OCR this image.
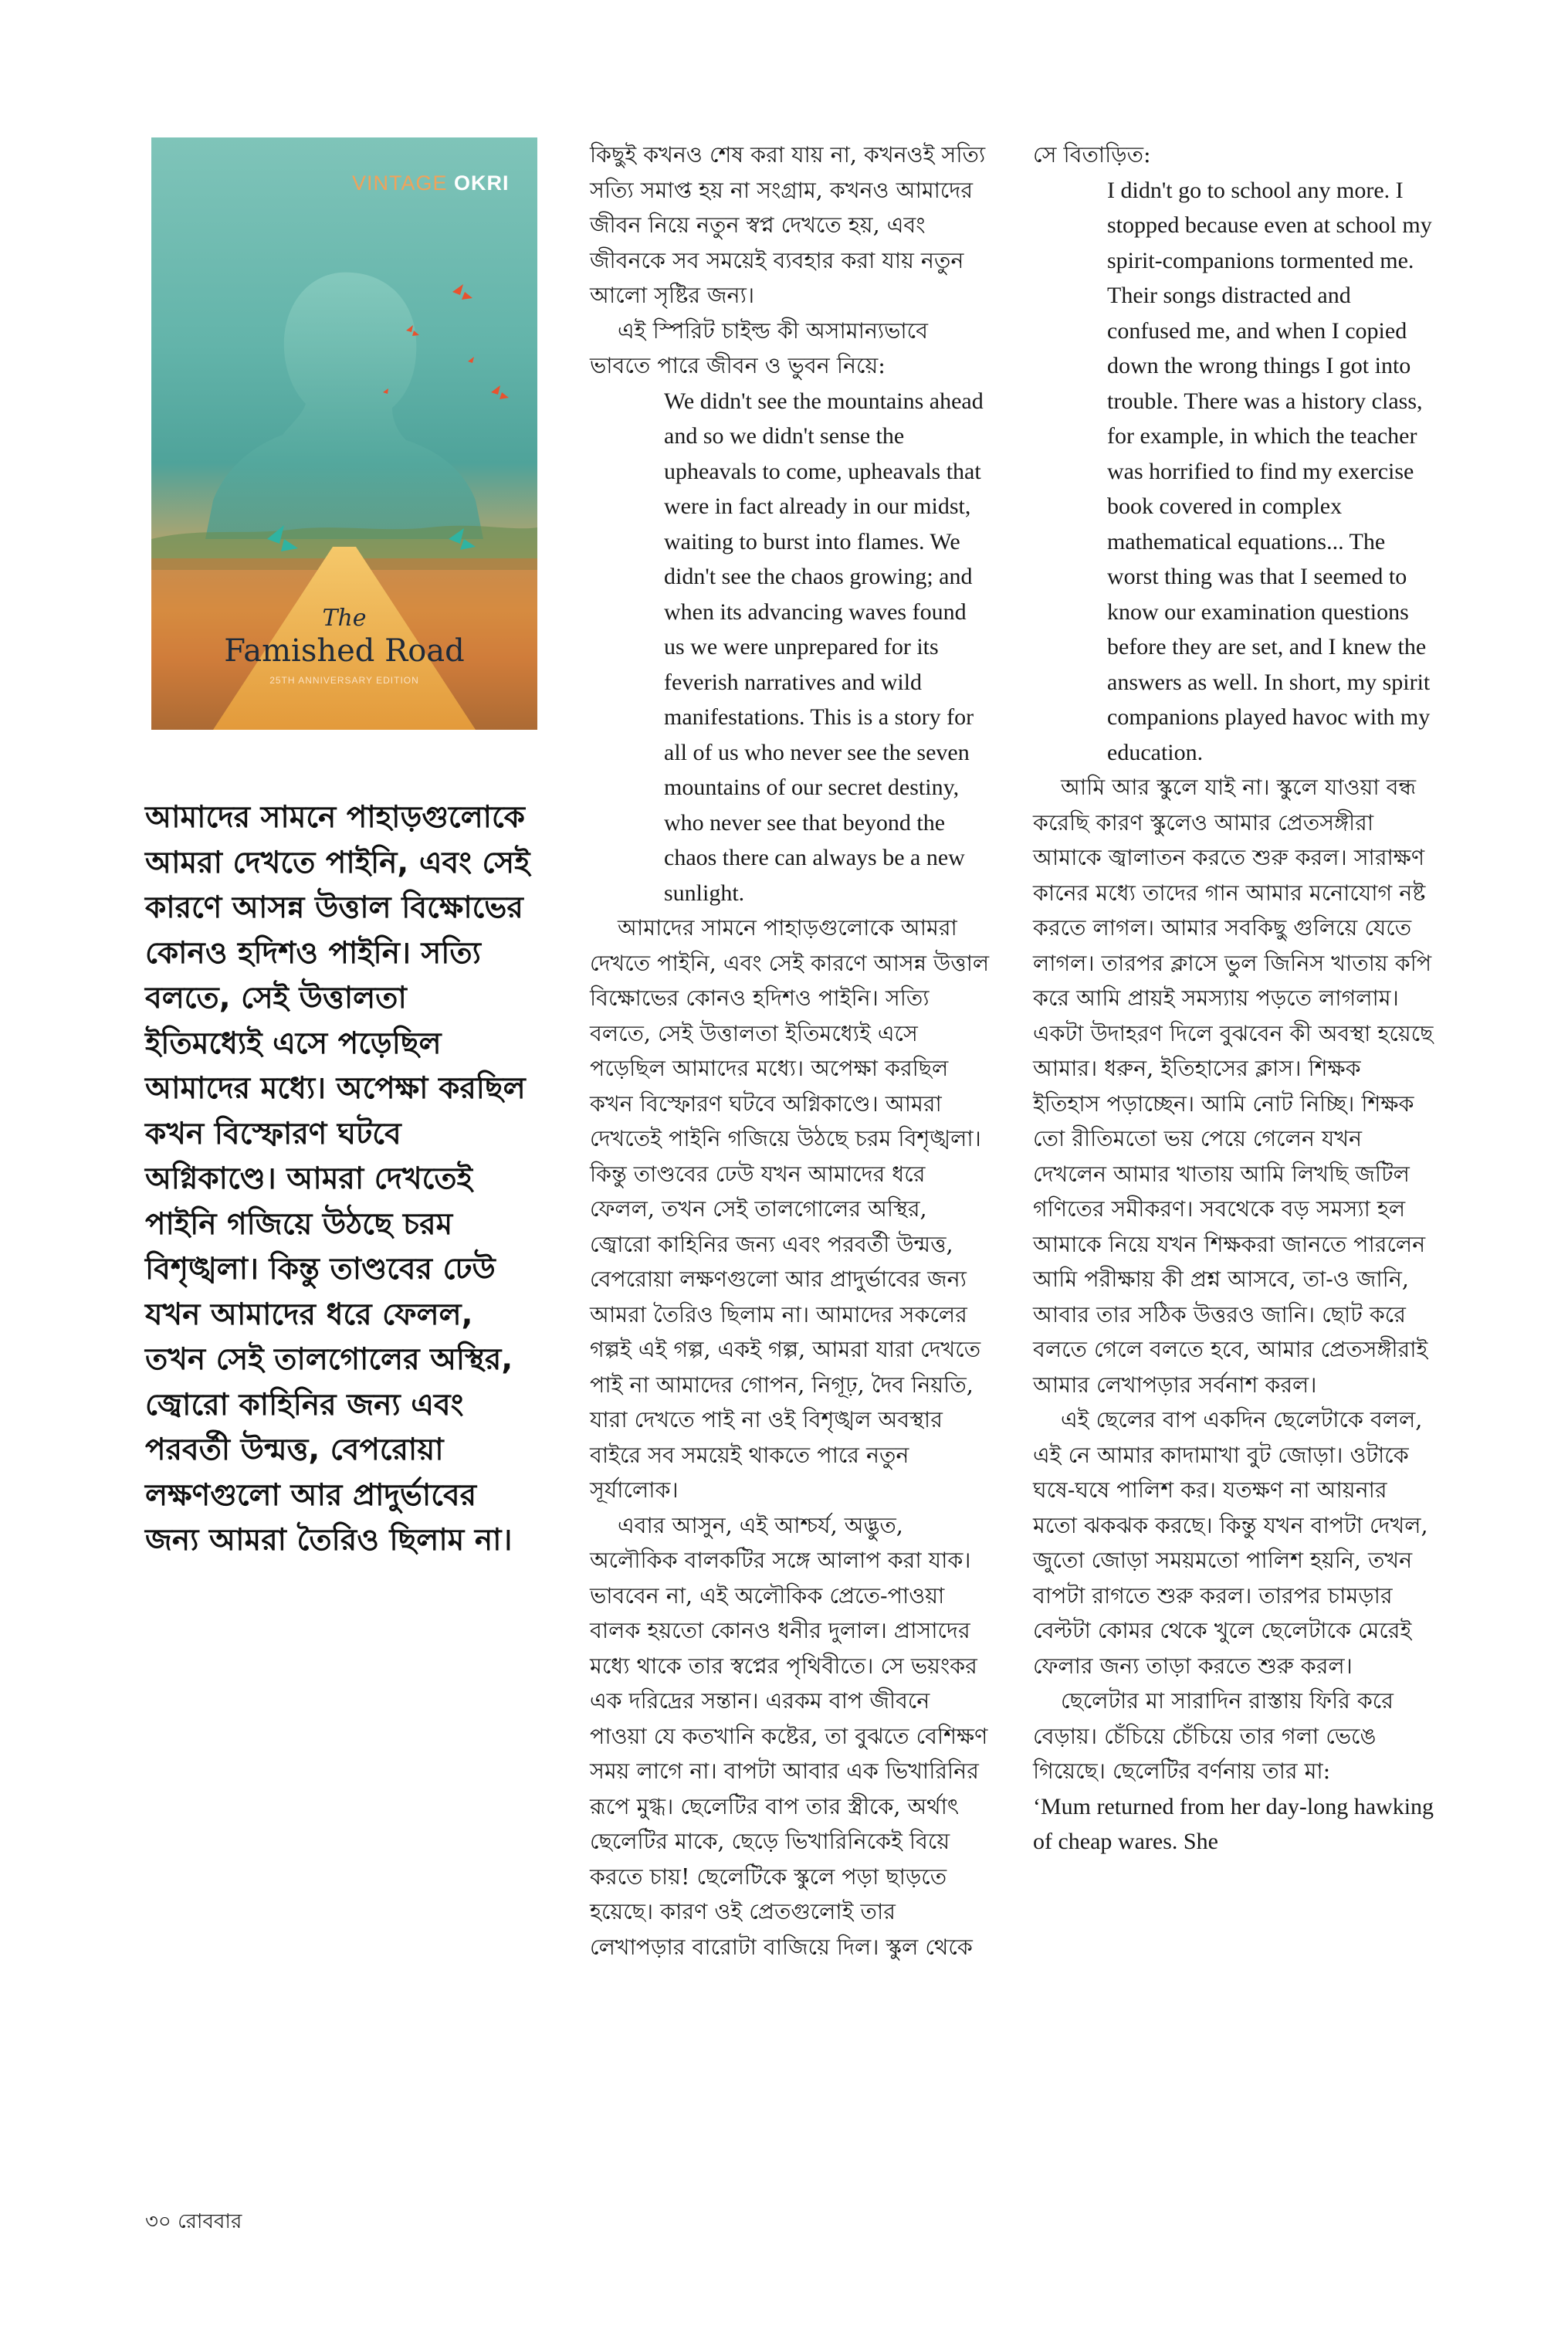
VINTAGE OKRI
The
Famished Road
25TH ANNIVERSARY EDITION
আমাদের সামনে পাহাড়গুলোকে আমরা দেখতে পাইনি, এবং সেই কারণে আসন্ন উত্তাল বিক্ষোভের কোনও হদিশও পাইনি। সত্যি বলতে, সেই উত্তালতা ইতিমধ্যেই এসে পড়েছিল আমাদের মধ্যে। অপেক্ষা করছিল কখন বিস্ফোরণ ঘটবে অগ্নিকাণ্ডে। আমরা দেখতেই পাইনি গজিয়ে উঠছে চরম বিশৃঙ্খলা। কিন্তু তাণ্ডবের ঢেউ যখন আমাদের ধরে ফেলল, তখন সেই তালগোলের অস্থির, জ্বোরো কাহিনির জন্য এবং পরবর্তী উন্মত্ত, বেপরোয়া লক্ষণগুলো আর প্রাদুর্ভাবের জন্য আমরা তৈরিও ছিলাম না।

কিছুই কখনও শেষ করা যায় না, কখনওই সত্যি সত্যি সমাপ্ত হয় না সংগ্রাম, কখনও আমাদের জীবন নিয়ে নতুন স্বপ্ন দেখতে হয়, এবং জীবনকে সব সময়েই ব্যবহার করা যায় নতুন আলো সৃষ্টির জন্য।

এই স্পিরিট চাইল্ড কী অসামান্যভাবে ভাবতে পারে জীবন ও ভুবন নিয়ে:

We didn't see the mountains ahead and so we didn't sense the upheavals to come, upheavals that were in fact already in our midst, waiting to burst into flames. We didn't see the chaos growing; and when its advancing waves found us we were unprepared for its feverish narratives and wild manifestations. This is a story for all of us who never see the seven mountains of our secret destiny, who never see that beyond the chaos there can always be a new sunlight.

আমাদের সামনে পাহাড়গুলোকে আমরা দেখতে পাইনি, এবং সেই কারণে আসন্ন উত্তাল বিক্ষোভের কোনও হদিশও পাইনি। সত্যি বলতে, সেই উত্তালতা ইতিমধ্যেই এসে পড়েছিল আমাদের মধ্যে। অপেক্ষা করছিল কখন বিস্ফোরণ ঘটবে অগ্নিকাণ্ডে। আমরা দেখতেই পাইনি গজিয়ে উঠছে চরম বিশৃঙ্খলা। কিন্তু তাণ্ডবের ঢেউ যখন আমাদের ধরে ফেলল, তখন সেই তালগোলের অস্থির, জ্বোরো কাহিনির জন্য এবং পরবর্তী উন্মত্ত, বেপরোয়া লক্ষণগুলো আর প্রাদুর্ভাবের জন্য আমরা তৈরিও ছিলাম না। আমাদের সকলের গল্পই এই গল্প, একই গল্প, আমরা যারা দেখতে পাই না আমাদের গোপন, নিগূঢ়, দৈব নিয়তি, যারা দেখতে পাই না ওই বিশৃঙ্খল অবস্থার বাইরে সব সময়েই থাকতে পারে নতুন সূর্যালোক।

এবার আসুন, এই আশ্চর্য, অদ্ভুত, অলৌকিক বালকটির সঙ্গে আলাপ করা যাক। ভাববেন না, এই অলৌকিক প্রেতে-পাওয়া বালক হয়তো কোনও ধনীর দুলাল। প্রাসাদের মধ্যে থাকে তার স্বপ্নের পৃথিবীতে। সে ভয়ংকর এক দরিদ্রের সন্তান। এরকম বাপ জীবনে পাওয়া যে কতখানি কষ্টের, তা বুঝতে বেশিক্ষণ সময় লাগে না। বাপটা আবার এক ভিখারিনির রূপে মুগ্ধ। ছেলেটির বাপ তার স্ত্রীকে, অর্থাৎ ছেলেটির মাকে, ছেড়ে ভিখারিনিকেই বিয়ে করতে চায়! ছেলেটিকে স্কুলে পড়া ছাড়তে হয়েছে। কারণ ওই প্রেতগুলোই তার লেখাপড়ার বারোটা বাজিয়ে দিল। স্কুল থেকে

সে বিতাড়িত:

I didn't go to school any more. I stopped because even at school my spirit-companions tormented me. Their songs distracted and confused me, and when I copied down the wrong things I got into trouble. There was a history class, for example, in which the teacher was horrified to find my exercise book covered in complex mathematical equations... The worst thing was that I seemed to know our examination questions before they are set, and I knew the answers as well. In short, my spirit companions played havoc with my education.

আমি আর স্কুলে যাই না। স্কুলে যাওয়া বন্ধ করেছি কারণ স্কুলেও আমার প্রেতসঙ্গীরা আমাকে জ্বালাতন করতে শুরু করল। সারাক্ষণ কানের মধ্যে তাদের গান আমার মনোযোগ নষ্ট করতে লাগল। আমার সবকিছু গুলিয়ে যেতে লাগল। তারপর ক্লাসে ভুল জিনিস খাতায় কপি করে আমি প্রায়ই সমস্যায় পড়তে লাগলাম। একটা উদাহরণ দিলে বুঝবেন কী অবস্থা হয়েছে আমার। ধরুন, ইতিহাসের ক্লাস। শিক্ষক ইতিহাস পড়াচ্ছেন। আমি নোট নিচ্ছি। শিক্ষক তো রীতিমতো ভয় পেয়ে গেলেন যখন দেখলেন আমার খাতায় আমি লিখছি জটিল গণিতের সমীকরণ। সবথেকে বড় সমস্যা হল আমাকে নিয়ে যখন শিক্ষকরা জানতে পারলেন আমি পরীক্ষায় কী প্রশ্ন আসবে, তা-ও জানি, আবার তার সঠিক উত্তরও জানি। ছোট করে বলতে গেলে বলতে হবে, আমার প্রেতসঙ্গীরাই আমার লেখাপড়ার সর্বনাশ করল।

এই ছেলের বাপ একদিন ছেলেটাকে বলল, এই নে আমার কাদামাখা বুট জোড়া। ওটাকে ঘষে-ঘষে পালিশ কর। যতক্ষণ না আয়নার মতো ঝকঝক করছে। কিন্তু যখন বাপটা দেখল, জুতো জোড়া সময়মতো পালিশ হয়নি, তখন বাপটা রাগতে শুরু করল। তারপর চামড়ার বেল্টটা কোমর থেকে খুলে ছেলেটাকে মেরেই ফেলার জন্য তাড়া করতে শুরু করল।

ছেলেটার মা সারাদিন রাস্তায় ফিরি করে বেড়ায়। চেঁচিয়ে চেঁচিয়ে তার গলা ভেঙে গিয়েছে। ছেলেটির বর্ণনায় তার মা:

‘Mum returned from her day-long hawking of cheap wares. She

৩০ রোববার
